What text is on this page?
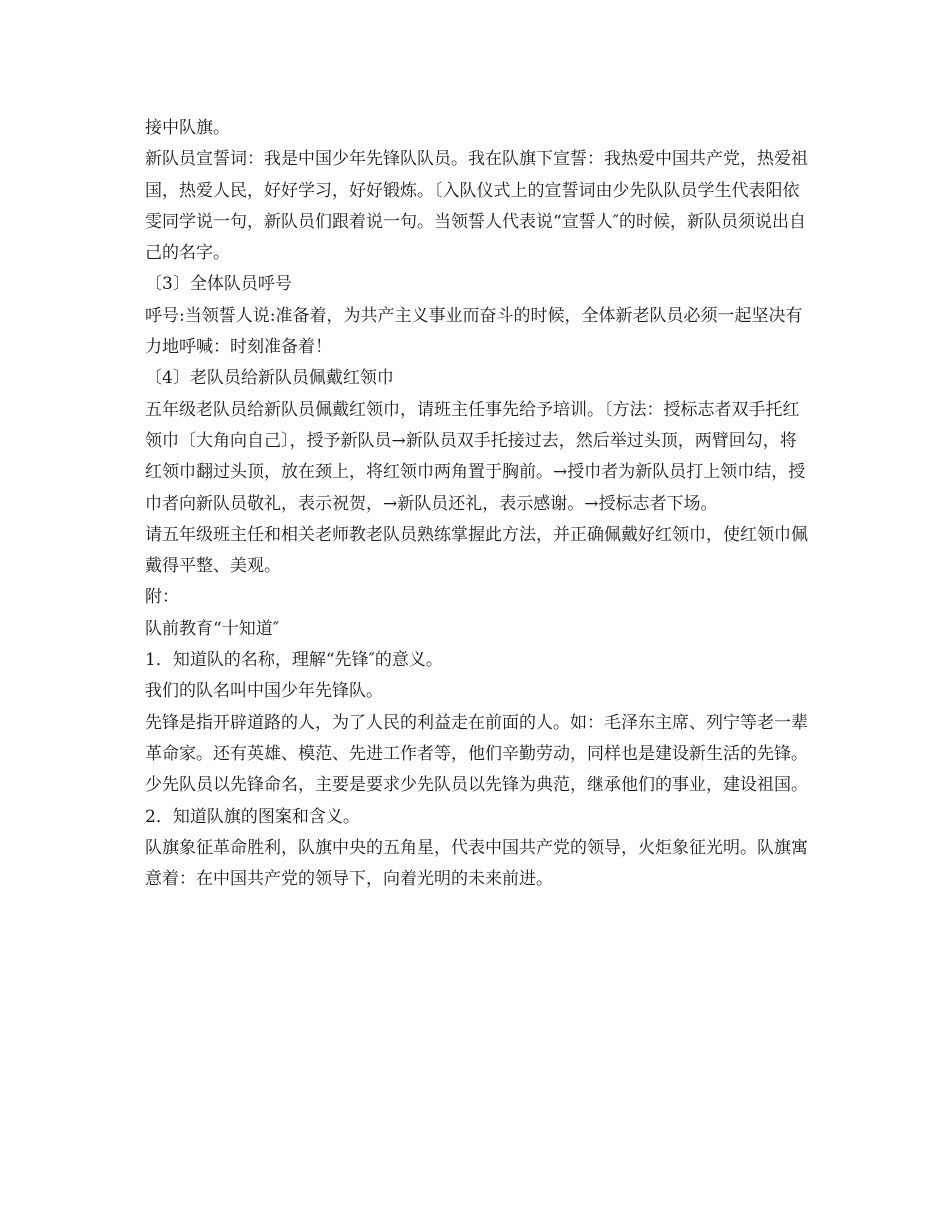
接中队旗。

新队员宣誓词：我是中国少年先锋队队员。我在队旗下宣誓：我热爱中国共产党，热爱祖国，热爱人民，好好学习，好好锻炼。〔入队仪式上的宣誓词由少先队队员学生代表阳依雯同学说一句，新队员们跟着说一句。当领誓人代表说“宣誓人″的时候，新队员须说出自己的名字。

〔3〕全体队员呼号

呼号:当领誓人说:准备着，为共产主义事业而奋斗的时候，全体新老队员必须一起坚决有力地呼喊：时刻准备着！

〔4〕老队员给新队员佩戴红领巾

五年级老队员给新队员佩戴红领巾，请班主任事先给予培训。〔方法：授标志者双手托红领巾〔大角向自己〕，授予新队员→新队员双手托接过去，然后举过头顶，两臂回勾，将红领巾翻过头顶，放在颈上，将红领巾两角置于胸前。→授巾者为新队员打上领巾结，授巾者向新队员敬礼，表示祝贺，→新队员还礼，表示感谢。→授标志者下场。

请五年级班主任和相关老师教老队员熟练掌握此方法，并正确佩戴好红领巾，使红领巾佩戴得平整、美观。

附：

队前教育“十知道″

1．知道队的名称，理解“先锋″的意义。

我们的队名叫中国少年先锋队。

先锋是指开辟道路的人，为了人民的利益走在前面的人。如：毛泽东主席、列宁等老一辈革命家。还有英雄、模范、先进工作者等，他们辛勤劳动，同样也是建设新生活的先锋。少先队员以先锋命名，主要是要求少先队员以先锋为典范，继承他们的事业，建设祖国。

2．知道队旗的图案和含义。

队旗象征革命胜利，队旗中央的五角星，代表中国共产党的领导，火炬象征光明。队旗寓意着：在中国共产党的领导下，向着光明的未来前进。
